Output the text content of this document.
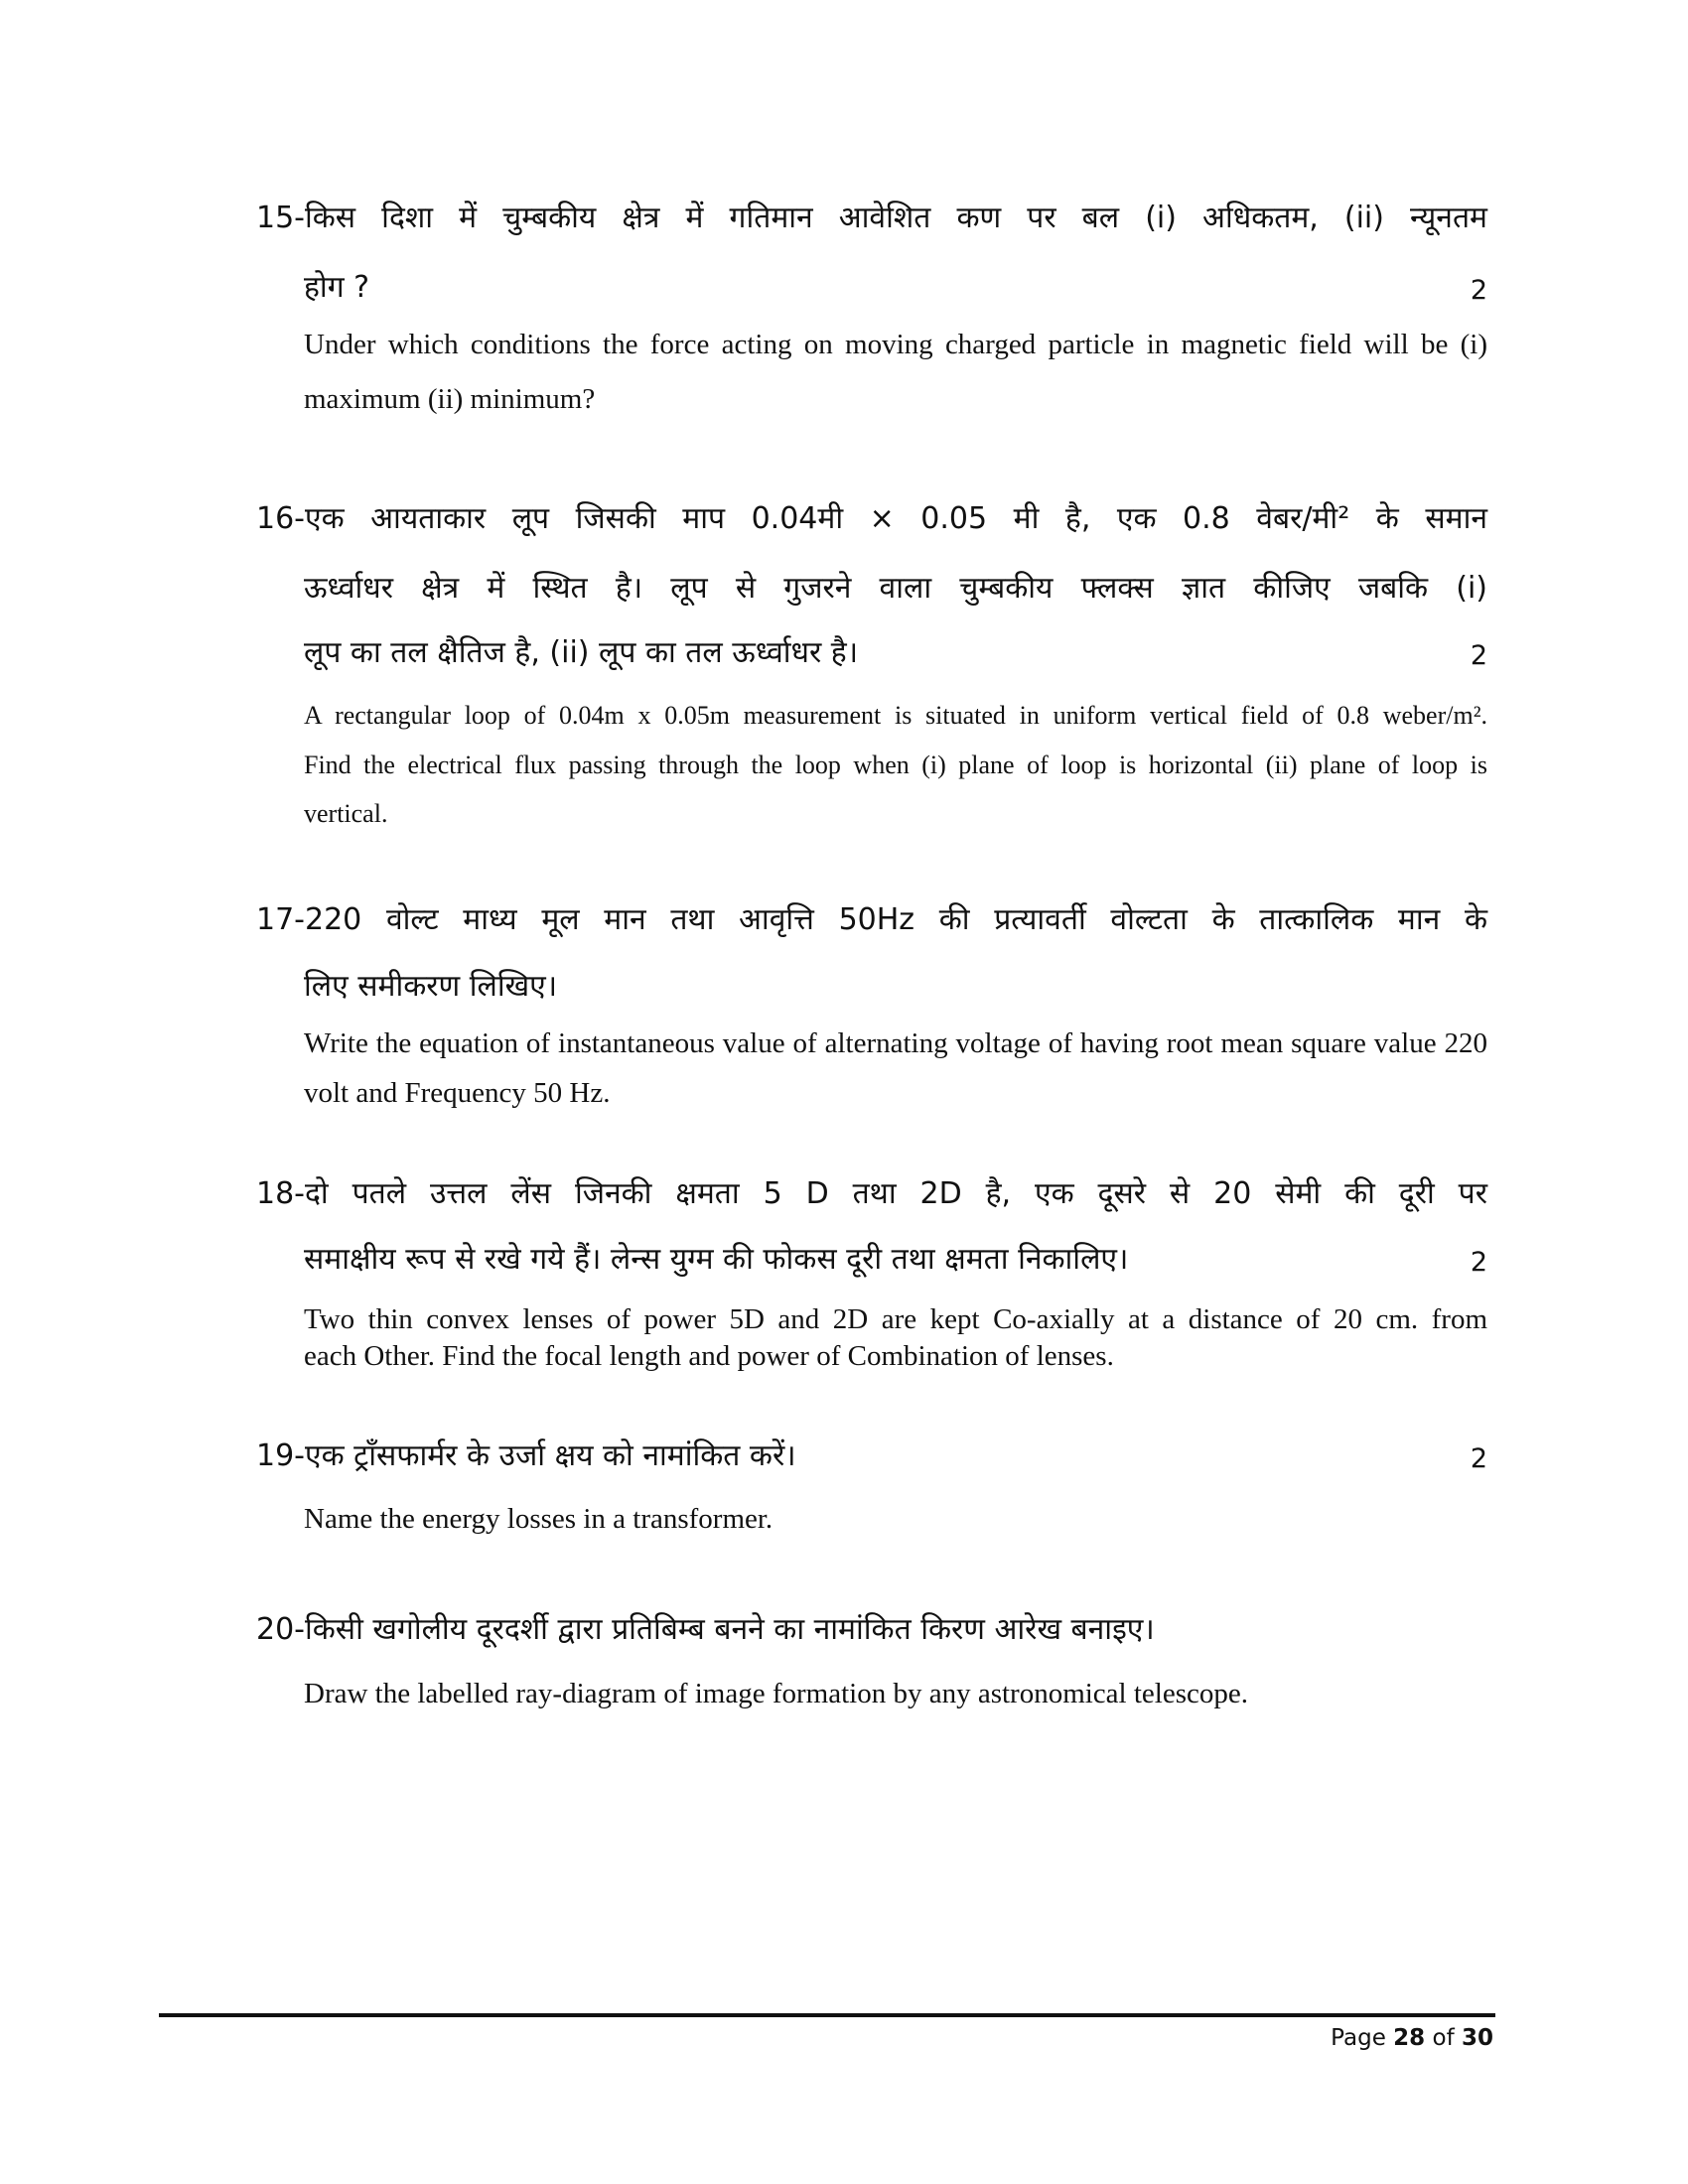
15-किस दिशा में चुम्बकीय क्षेत्र में गतिमान आवेशित कण पर बल (i) अधिकतम, (ii) न्यूनतम
होग ?	2
Under which conditions the force acting on moving charged particle in magnetic field will be (i)
maximum (ii) minimum?
16-एक आयताकार लूप जिसकी माप 0.04मी × 0.05 मी है, एक 0.8 वेबर/मी² के समान
ऊर्ध्वाधर क्षेत्र में स्थित है। लूप से गुजरने वाला चुम्बकीय फ्लक्स ज्ञात कीजिए जबकि (i)
लूप का तल क्षैतिज है, (ii) लूप का तल ऊर्ध्वाधर है।	2
A rectangular loop of 0.04m x 0.05m measurement is situated in uniform vertical field of 0.8 weber/m².
Find the electrical flux passing through the loop when (i) plane of loop is horizontal (ii) plane of loop is
vertical.
17-220 वोल्ट माध्य मूल मान तथा आवृत्ति 50Hz की प्रत्यावर्ती वोल्टता के तात्कालिक मान के
लिए समीकरण लिखिए।
Write the equation of instantaneous value of alternating voltage of having root mean square value 220
volt and Frequency 50 Hz.
18-दो पतले उत्तल लेंस जिनकी क्षमता 5 D तथा 2D है, एक दूसरे से 20 सेमी की दूरी पर
समाक्षीय रूप से रखे गये हैं। लेन्स युग्म की फोकस दूरी तथा क्षमता निकालिए।	2
Two thin convex lenses of power 5D and 2D are kept Co-axially at a distance of 20 cm. from
each Other. Find the focal length and power of Combination of lenses.
19-एक ट्रॉंसफार्मर के उर्जा क्षय को नामांकित करें।	2
Name the energy losses in a transformer.
20-किसी खगोलीय दूरदर्शी द्वारा प्रतिबिम्ब बनने का नामांकित किरण आरेख बनाइए।
Draw the labelled ray-diagram of image formation by any astronomical telescope.
Page 28 of 30
